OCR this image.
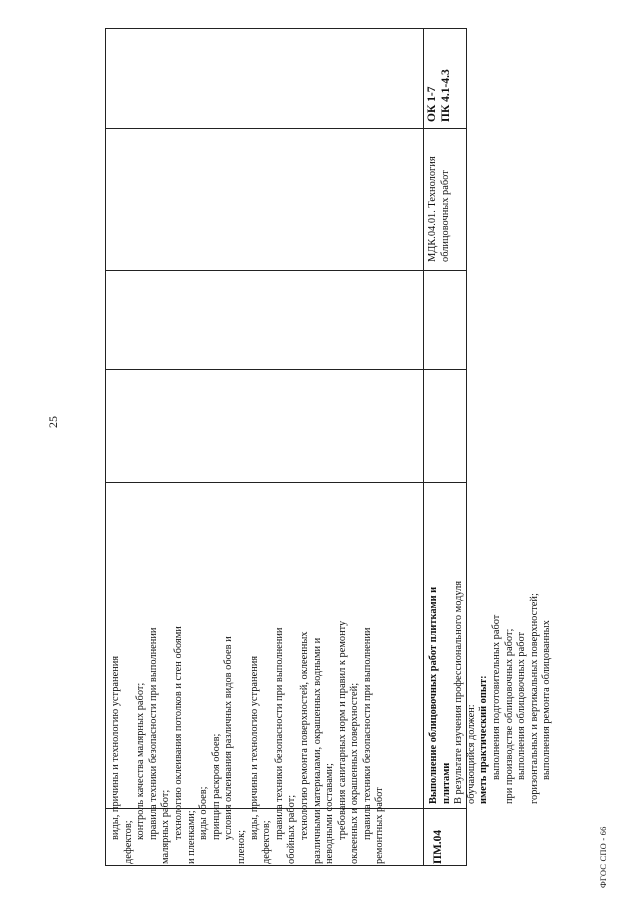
25
виды, причины и технологию устранения
дефектов;
контроль качества малярных работ; правила техники безопасности при выполнении малярных работ; технологию оклеивания потолков и стен обоями и пленками; виды обоев; принцип раскроя обоев; условия оклеивания различных видов обоев и
пленок;
виды, причины и технологию устранения
дефектов;
правила техники безопасности при выполнении обойных работ; технологию ремонта поверхностей, оклеенных различными материалами, окрашенных водными и неводными составами; требования санитарных норм и правил к ремонту оклеенных и окрашенных поверхностей; правила техники безопасности при выполнении ремонтных работ	ПМ.04
Выполнение облицовочных работ плитками и плитами В результате изучения профессионального модуля обучающийся должен: иметь практический опыт: выполнения подготовительных работ при производстве облицовочных работ; выполнения облицовочных работ горизонтальных и вертикальных поверхностей; выполнения ремонта облицованных
МДК.04.01. Технология облицовочных работ
ОК 1-7 ПК 4.1-4.3
ФГОС СПО - 66
